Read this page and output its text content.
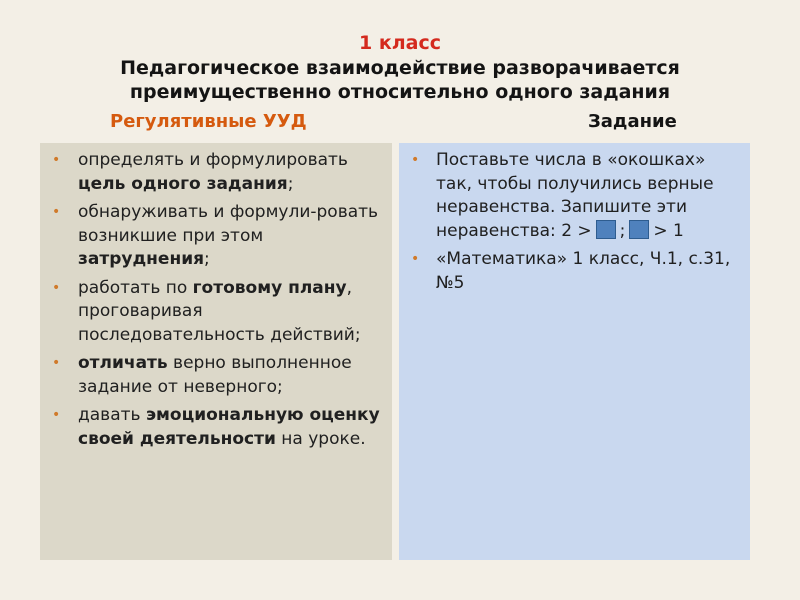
1 класс
Педагогическое взаимодействие разворачивается
преимущественно относительно одного задания
Регулятивные УУД	Задание
• определять и формулировать цель одного задания;
• обнаруживать и формули-ровать возникшие при этом затруднения;
• работать по готовому плану, проговаривая последовательность действий;
• отличать верно выполненное задание от неверного;
• давать эмоциональную оценку своей деятельности на уроке.
• Поставьте числа в «окошках» так, чтобы получились верные неравенства. Запишите эти неравенства: 2 > ; > 1
• «Математика» 1 класс, Ч.1, с.31, №5
